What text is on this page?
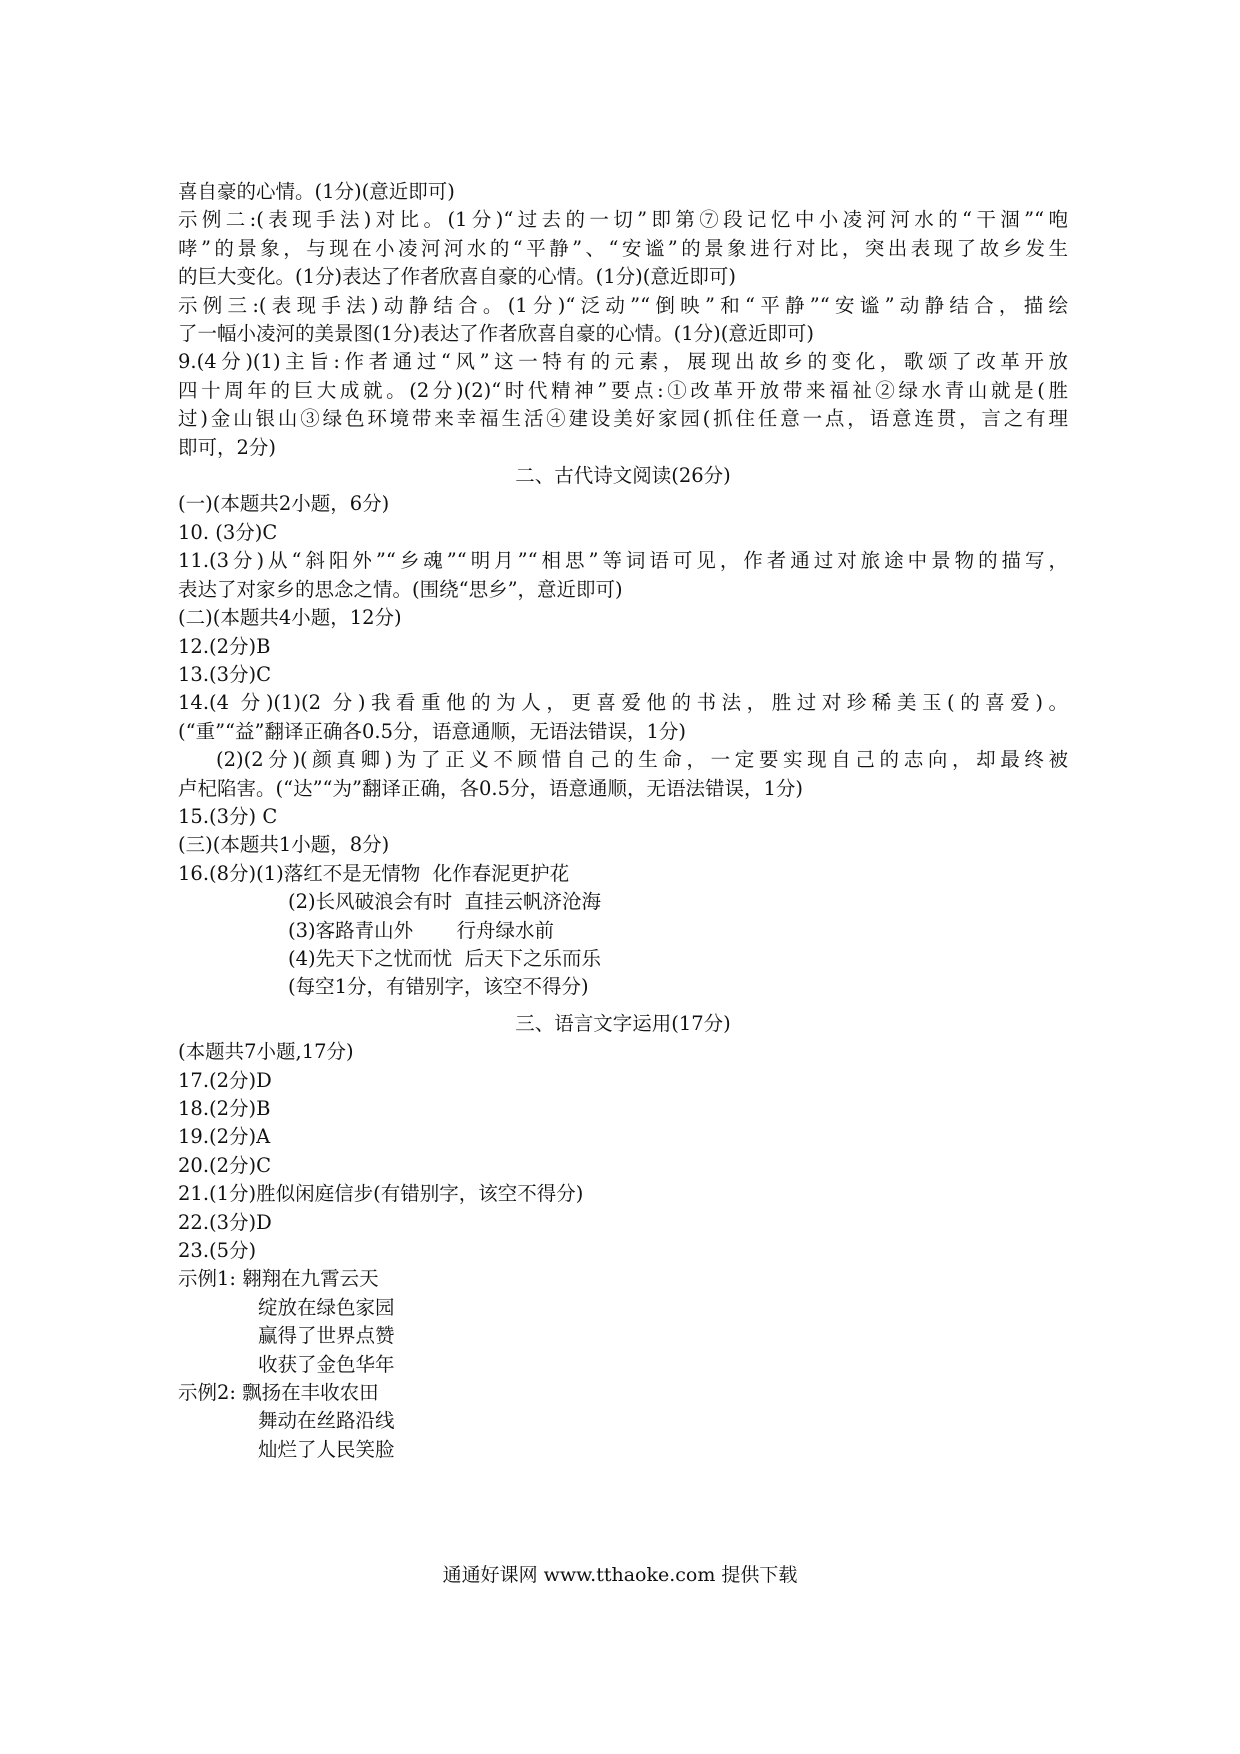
喜自豪的心情。(1分)(意近即可)

示例二:(表现手法)对比。(1分)“过去的一切”即第⑦段记忆中小凌河河水的“干涸”“咆

哮”的景象，与现在小凌河河水的“平静”、“安谧”的景象进行对比，突出表现了故乡发生

的巨大变化。(1分)表达了作者欣喜自豪的心情。(1分)(意近即可)

示例三:(表现手法)动静结合。(1分)“泛动”“倒映”和“平静”“安谧”动静结合，描绘

了一幅小凌河的美景图(1分)表达了作者欣喜自豪的心情。(1分)(意近即可)

9.(4分)(1)主旨:作者通过“风”这一特有的元素，展现出故乡的变化，歌颂了改革开放

四十周年的巨大成就。(2分)(2)“时代精神”要点:①改革开放带来福祉②绿水青山就是(胜

过)金山银山③绿色环境带来幸福生活④建设美好家园(抓住任意一点，语意连贯，言之有理

即可，2分)

二、古代诗文阅读(26分)

(一)(本题共2小题，6分)

10. (3分)C

11.(3分)从“斜阳外”“乡魂”“明月”“相思”等词语可见，作者通过对旅途中景物的描写，

表达了对家乡的思念之情。(围绕“思乡”，意近即可)

(二)(本题共4小题，12分)

12.(2分)B

13.(3分)C

14.(4 分)(1)(2 分)我看重他的为人，更喜爱他的书法，胜过对珍稀美玉(的喜爱)。

(“重”“益”翻译正确各0.5分，语意通顺，无语法错误，1分)

(2)(2分)(颜真卿)为了正义不顾惜自己的生命，一定要实现自己的志向，却最终被

卢杞陷害。(“达”“为”翻译正确，各0.5分，语意通顺，无语法错误，1分)

15.(3分) C

(三)(本题共1小题，8分)

16.(8分)(1)落红不是无情物  化作春泥更护花

(2)长风破浪会有时  直挂云帆济沧海

(3)客路青山外       行舟绿水前

(4)先天下之忧而忧  后天下之乐而乐

(每空1分，有错别字，该空不得分)

三、语言文字运用(17分)

(本题共7小题,17分)

17.(2分)D

18.(2分)B

19.(2分)A

20.(2分)C

21.(1分)胜似闲庭信步(有错别字，该空不得分)

22.(3分)D

23.(5分)

示例1: 翱翔在九霄云天

绽放在绿色家园

赢得了世界点赞

收获了金色华年

示例2: 飘扬在丰收农田

舞动在丝路沿线

灿烂了人民笑脸

通通好课网 www.tthaoke.com 提供下载
